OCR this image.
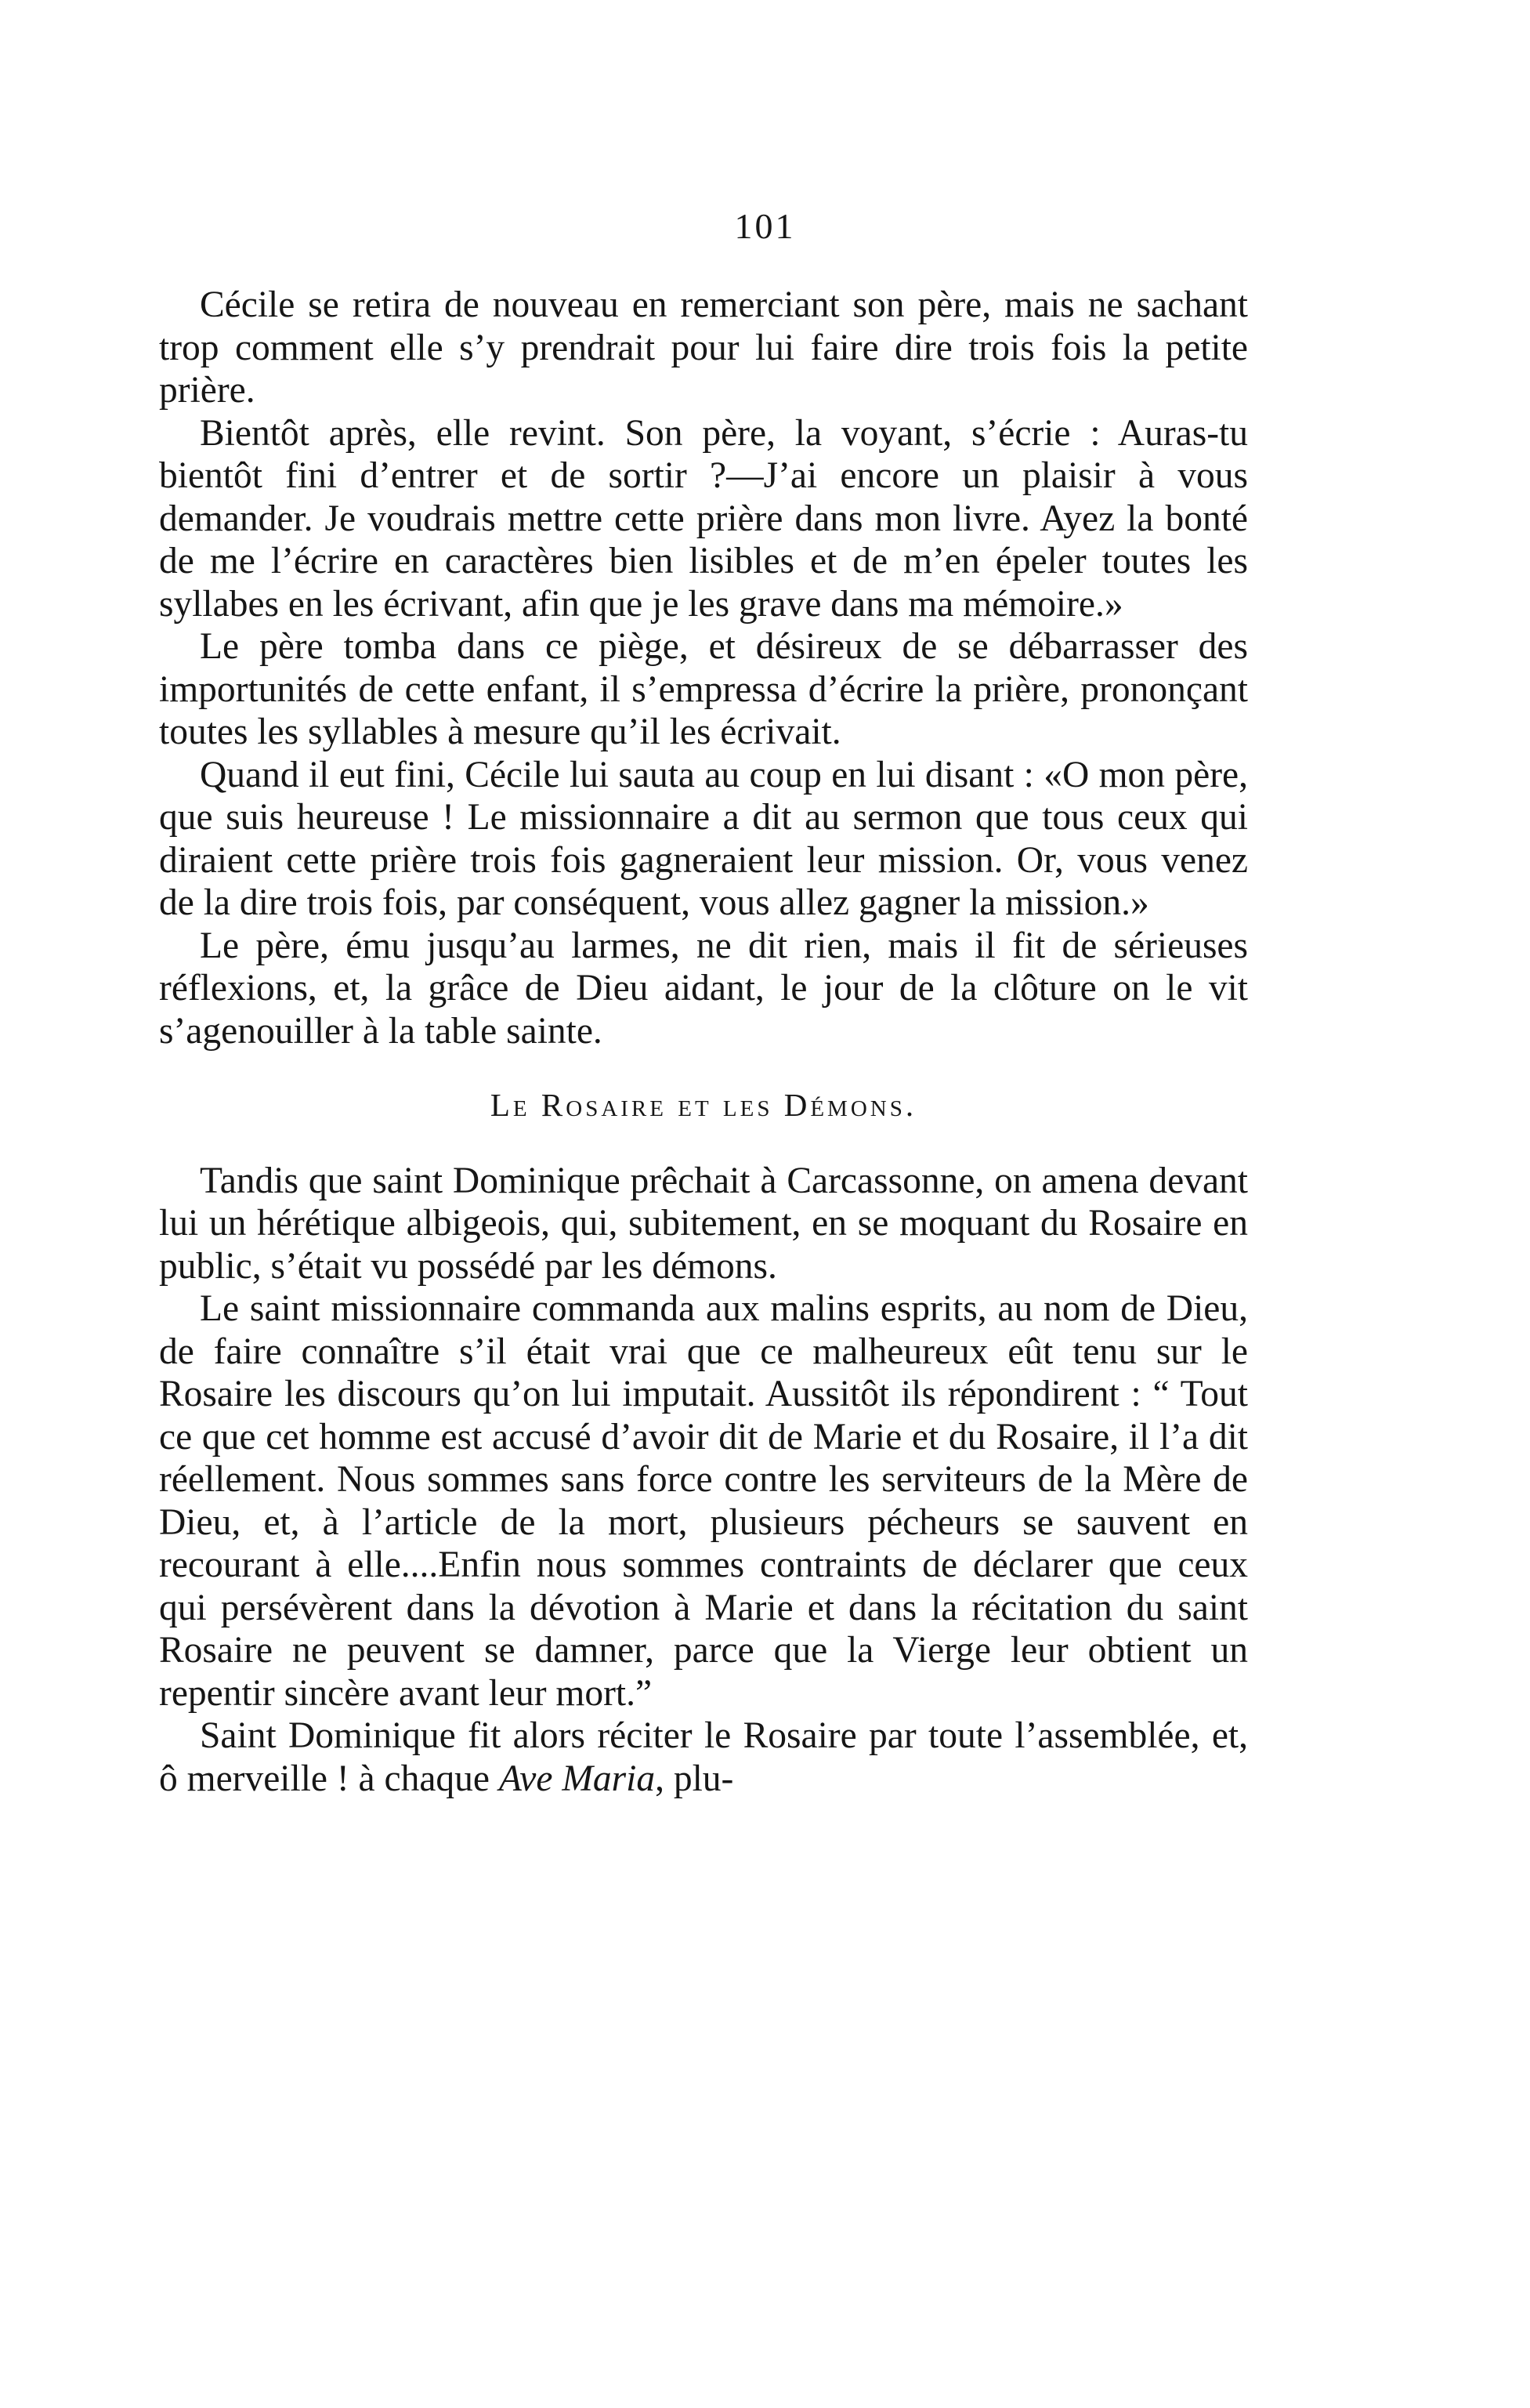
101

Cécile se retira de nouveau en remerciant son père, mais ne sachant trop comment elle s’y prendrait pour lui faire dire trois fois la petite prière.

Bientôt après, elle revint. Son père, la voyant, s’écrie : Auras-tu bientôt fini d’entrer et de sortir ?—J’ai encore un plaisir à vous demander. Je voudrais mettre cette prière dans mon livre. Ayez la bonté de me l’écrire en caractères bien lisibles et de m’en épeler toutes les syllabes en les écrivant, afin que je les grave dans ma mémoire.»

Le père tomba dans ce piège, et désireux de se débarrasser des importunités de cette enfant, il s’empressa d’écrire la prière, prononçant toutes les syllables à mesure qu’il les écrivait.

Quand il eut fini, Cécile lui sauta au coup en lui disant : «O mon père, que suis heureuse ! Le missionnaire a dit au sermon que tous ceux qui diraient cette prière trois fois gagneraient leur mission. Or, vous venez de la dire trois fois, par conséquent, vous allez gagner la mission.»

Le père, ému jusqu’au larmes, ne dit rien, mais il fit de sérieuses réflexions, et, la grâce de Dieu aidant, le jour de la clôture on le vit s’agenouiller à la table sainte.

Le Rosaire et les Démons.

Tandis que saint Dominique prêchait à Carcassonne, on amena devant lui un hérétique albigeois, qui, subitement, en se moquant du Rosaire en public, s’était vu possédé par les démons.

Le saint missionnaire commanda aux malins esprits, au nom de Dieu, de faire connaître s’il était vrai que ce malheureux eût tenu sur le Rosaire les discours qu’on lui imputait. Aussitôt ils répondirent : “ Tout ce que cet homme est accusé d’avoir dit de Marie et du Rosaire, il l’a dit réellement. Nous sommes sans force contre les serviteurs de la Mère de Dieu, et, à l’article de la mort, plusieurs pécheurs se sauvent en recourant à elle....Enfin nous sommes contraints de déclarer que ceux qui persévèrent dans la dévotion à Marie et dans la récitation du saint Rosaire ne peuvent se damner, parce que la Vierge leur obtient un repentir sincère avant leur mort.”

Saint Dominique fit alors réciter le Rosaire par toute l’assemblée, et, ô merveille ! à chaque Ave Maria, plu-
